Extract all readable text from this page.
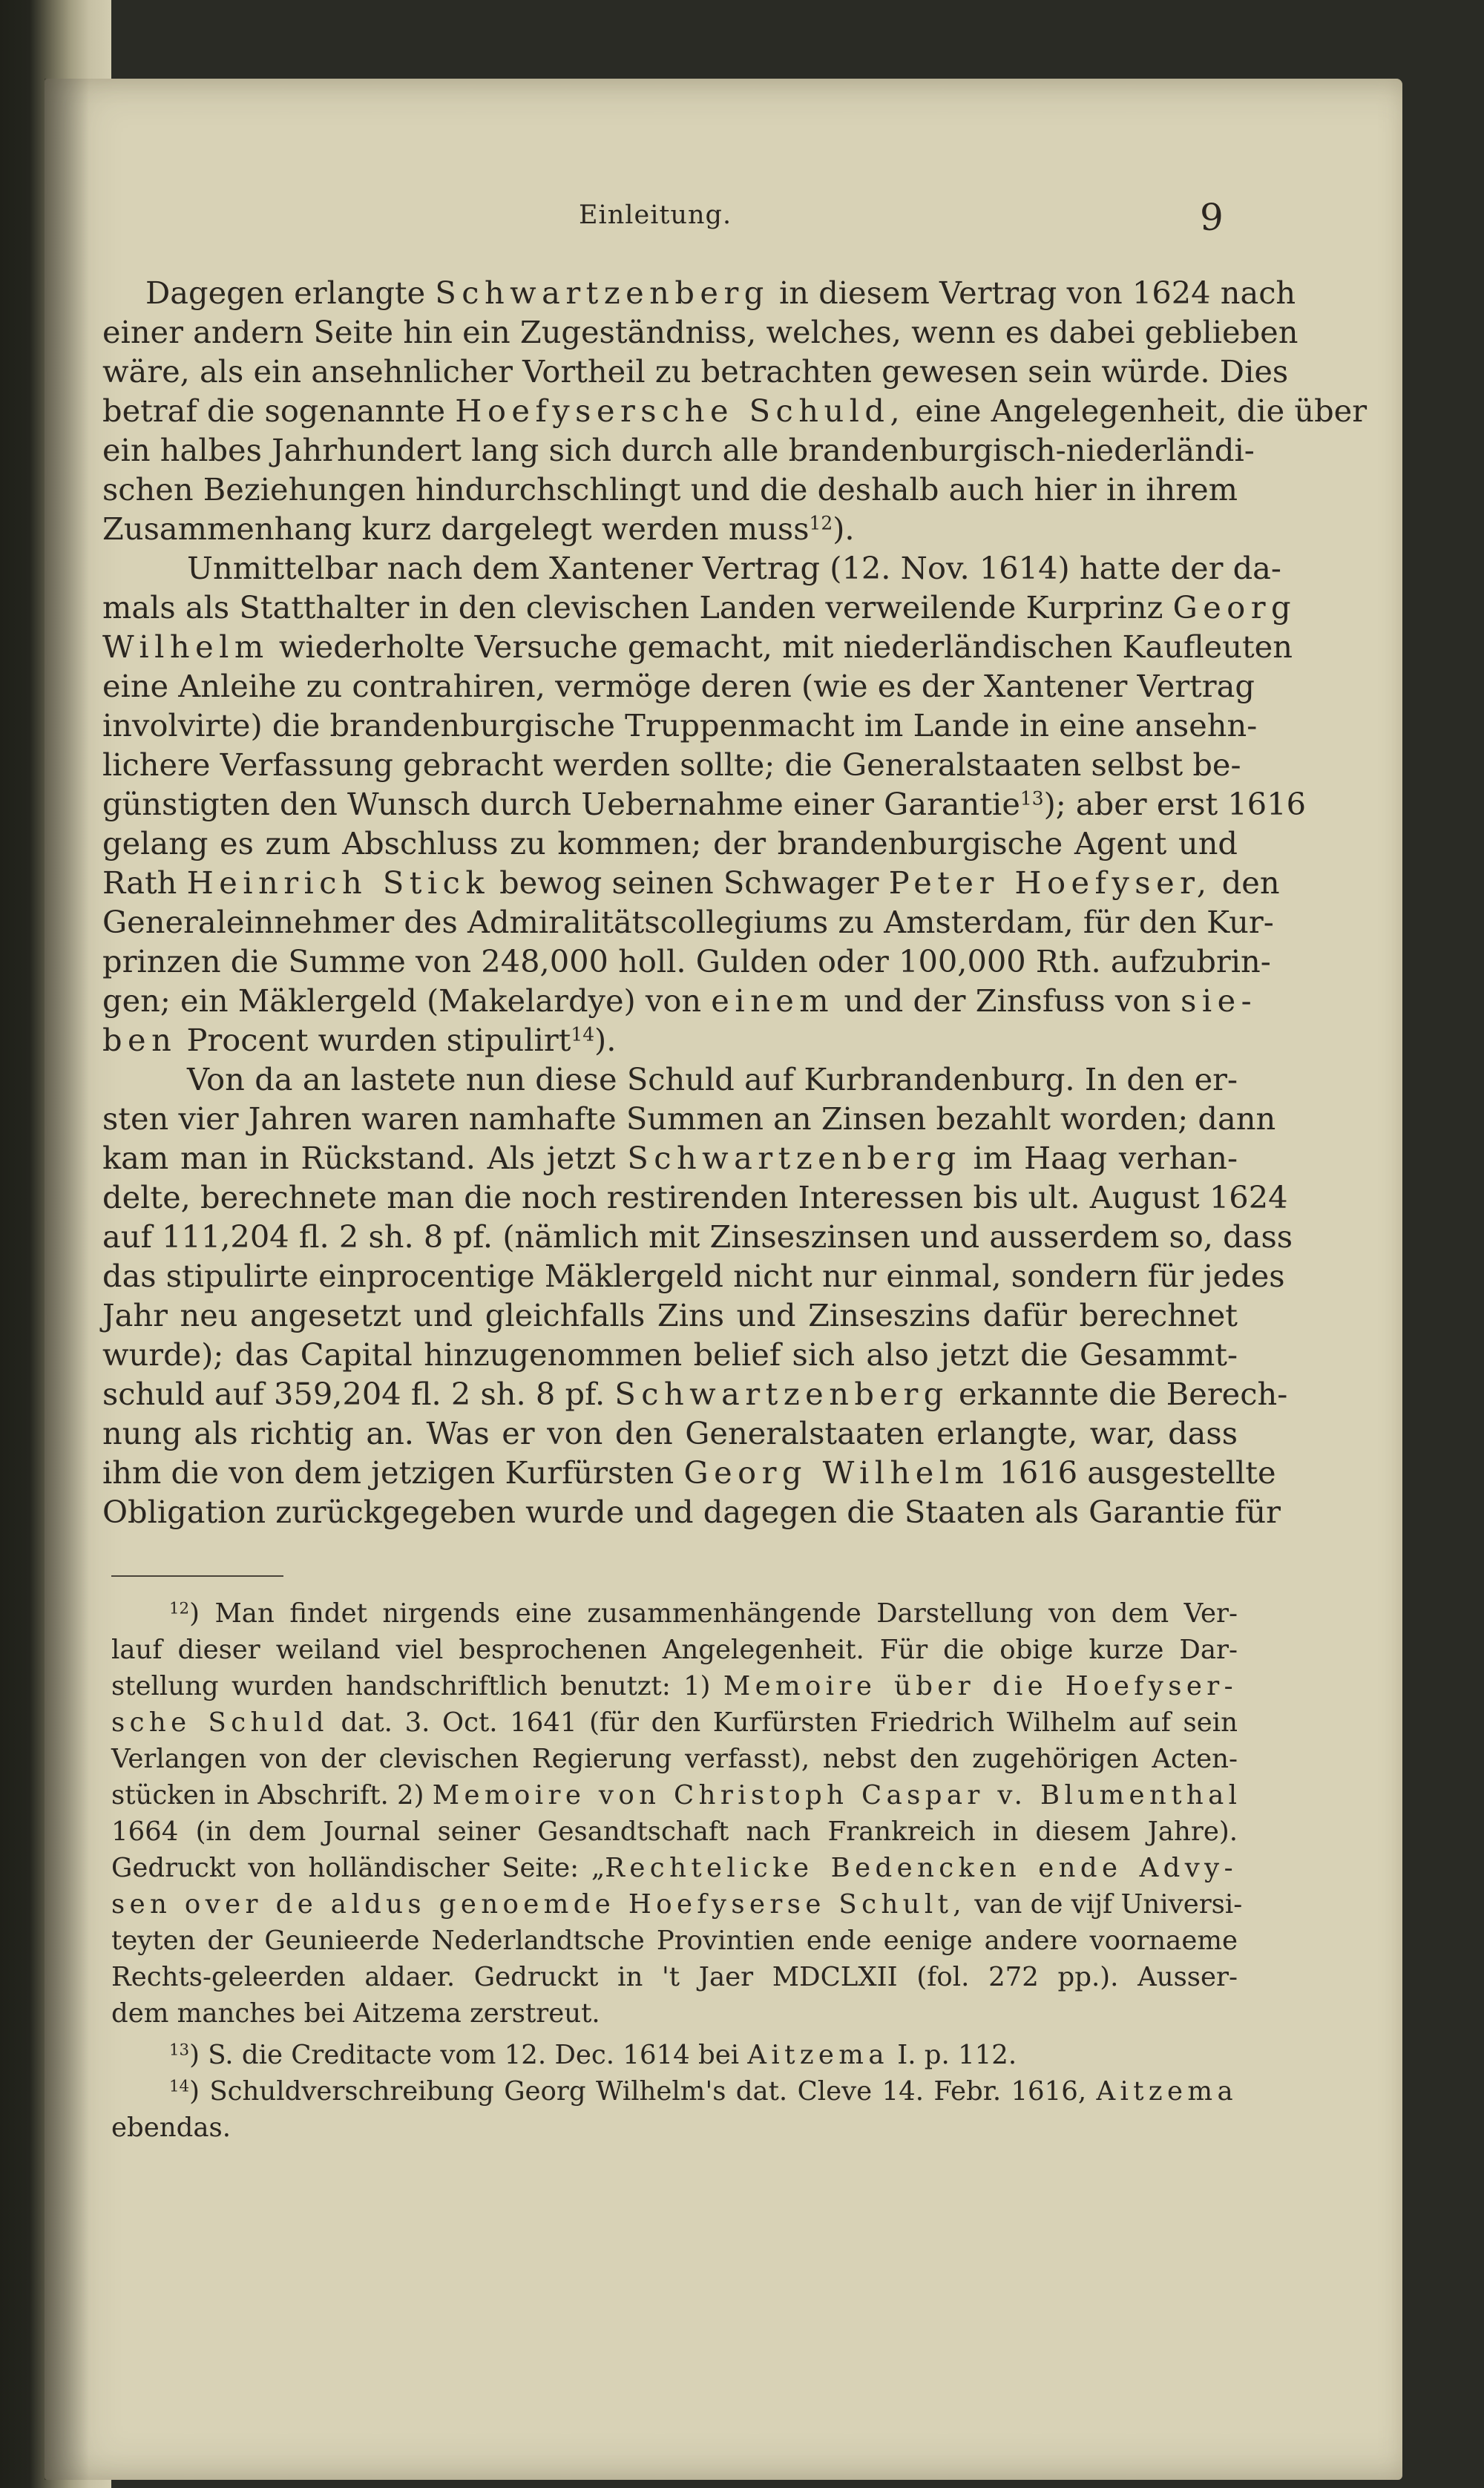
Einleitung.	9
Dagegen erlangte Schwartzenberg in diesem Vertrag von 1624 nach
einer andern Seite hin ein Zugeständniss, welches, wenn es dabei geblieben
wäre, als ein ansehnlicher Vortheil zu betrachten gewesen sein würde. Dies
betraf die sogenannte Hoefysersche Schuld, eine Angelegenheit, die über
ein halbes Jahrhundert lang sich durch alle brandenburgisch-niederländi-
schen Beziehungen hindurchschlingt und die deshalb auch hier in ihrem
Zusammenhang kurz dargelegt werden muss$^{12}$).
Unmittelbar nach dem Xantener Vertrag (12. Nov. 1614) hatte der da-
mals als Statthalter in den clevischen Landen verweilende Kurprinz Georg
Wilhelm wiederholte Versuche gemacht, mit niederländischen Kaufleuten
eine Anleihe zu contrahiren, vermöge deren (wie es der Xantener Vertrag
involvirte) die brandenburgische Truppenmacht im Lande in eine ansehn-
lichere Verfassung gebracht werden sollte; die Generalstaaten selbst be-
günstigten den Wunsch durch Uebernahme einer Garantie$^{13}$); aber erst 1616
gelang es zum Abschluss zu kommen; der brandenburgische Agent und
Rath Heinrich Stick bewog seinen Schwager Peter Hoefyser, den
Generaleinnehmer des Admiralitätscollegiums zu Amsterdam, für den Kur-
prinzen die Summe von 248,000 holl. Gulden oder 100,000 Rth. aufzubrin-
gen; ein Mäklergeld (Makelardye) von einem und der Zinsfuss von sie-
ben Procent wurden stipulirt$^{14}$).
Von da an lastete nun diese Schuld auf Kurbrandenburg. In den er-
sten vier Jahren waren namhafte Summen an Zinsen bezahlt worden; dann
kam man in Rückstand. Als jetzt Schwartzenberg im Haag verhan-
delte, berechnete man die noch restirenden Interessen bis ult. August 1624
auf 111,204 fl. 2 sh. 8 pf. (nämlich mit Zinseszinsen und ausserdem so, dass
das stipulirte einprocentige Mäklergeld nicht nur einmal, sondern für jedes
Jahr neu angesetzt und gleichfalls Zins und Zinseszins dafür berechnet
wurde); das Capital hinzugenommen belief sich also jetzt die Gesammt-
schuld auf 359,204 fl. 2 sh. 8 pf. Schwartzenberg erkannte die Berech-
nung als richtig an. Was er von den Generalstaaten erlangte, war, dass
ihm die von dem jetzigen Kurfürsten Georg Wilhelm 1616 ausgestellte
Obligation zurückgegeben wurde und dagegen die Staaten als Garantie für
$^{12}$) Man findet nirgends eine zusammenhängende Darstellung von dem Ver-
lauf dieser weiland viel besprochenen Angelegenheit. Für die obige kurze Dar-
stellung wurden handschriftlich benutzt: 1) Memoire über die Hoefyser-
sche Schuld dat. 3. Oct. 1641 (für den Kurfürsten Friedrich Wilhelm auf sein
Verlangen von der clevischen Regierung verfasst), nebst den zugehörigen Acten-
stücken in Abschrift. 2) Memoire von Christoph Caspar v. Blumenthal
1664 (in dem Journal seiner Gesandtschaft nach Frankreich in diesem Jahre).
Gedruckt von holländischer Seite: „Rechtelicke Bedencken ende Advy-
sen over de aldus genoemde Hoefyserse Schult, van de vijf Universi-
teyten der Geunieerde Nederlandtsche Provintien ende eenige andere voornaeme
Rechts-geleerden aldaer. Gedruckt in 't Jaer MDCLXII (fol. 272 pp.). Ausser-
dem manches bei Aitzema zerstreut.
$^{13}$) S. die Creditacte vom 12. Dec. 1614 bei Aitzema I. p. 112.
$^{14}$) Schuldverschreibung Georg Wilhelm's dat. Cleve 14. Febr. 1616, Aitzema
ebendas.
